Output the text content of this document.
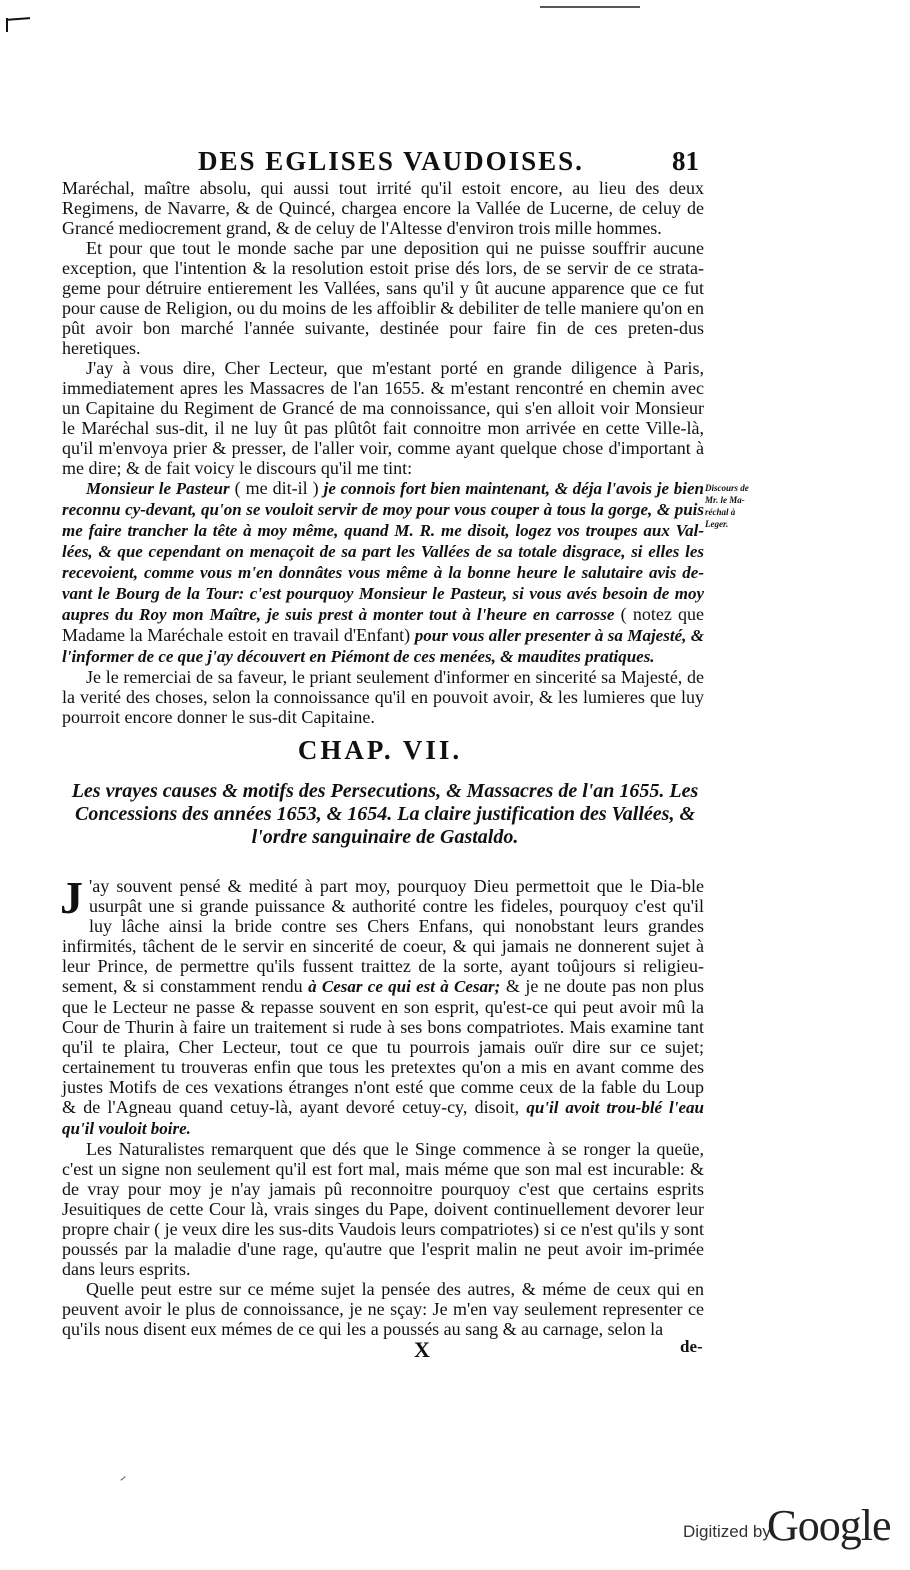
DES EGLISES VAUDOISES.	81

Maréchal, maître absolu, qui aussi tout irrité qu'il estoit encore, au lieu des deux Regimens, de Navarre, & de Quincé, chargea encore la Vallée de Lucerne, de celuy de Grancé mediocrement grand, & de celuy de l'Altesse d'environ trois mille hommes.

Et pour que tout le monde sache par une deposition qui ne puisse souffrir aucune exception, que l'intention & la resolution estoit prise dés lors, de se servir de ce strata-geme pour détruire entierement les Vallées, sans qu'il y ût aucune apparence que ce fut pour cause de Religion, ou du moins de les affoiblir & debiliter de telle maniere qu'on en pût avoir bon marché l'année suivante, destinée pour faire fin de ces preten-dus heretiques.

J'ay à vous dire, Cher Lecteur, que m'estant porté en grande diligence à Paris, immediatement apres les Massacres de l'an 1655. & m'estant rencontré en chemin avec un Capitaine du Regiment de Grancé de ma connoissance, qui s'en alloit voir Monsieur le Maréchal sus-dit, il ne luy ût pas plûtôt fait connoitre mon arrivée en cette Ville-là, qu'il m'envoya prier & presser, de l'aller voir, comme ayant quelque chose d'important à me dire; & de fait voicy le discours qu'il me tint:

Monsieur le Pasteur ( me dit-il ) je connois fort bien maintenant, & déja l'avois je bien reconnu cy-devant, qu'on se vouloit servir de moy pour vous couper à tous la gorge, & puis me faire trancher la tête à moy même, quand M. R. me disoit, logez vos troupes aux Val-lées, & que cependant on menaçoit de sa part les Vallées de sa totale disgrace, si elles les recevoient, comme vous m'en donnâtes vous même à la bonne heure le salutaire avis de-vant le Bourg de la Tour: c'est pourquoy Monsieur le Pasteur, si vous avés besoin de moy aupres du Roy mon Maître, je suis prest à monter tout à l'heure en carrosse ( notez que Madame la Maréchale estoit en travail d'Enfant) pour vous aller presenter à sa Majesté, & l'informer de ce que j'ay découvert en Piémont de ces menées, & maudites pratiques.

Je le remerciai de sa faveur, le priant seulement d'informer en sincerité sa Majesté, de la verité des choses, selon la connoissance qu'il en pouvoit avoir, & les lumieres que luy pourroit encore donner le sus-dit Capitaine.

Discours de Mr. le Ma-réchal à Leger.
CHAP. VII.
Les vrayes causes & motifs des Persecutions, & Massacres de l'an 1655. Les Concessions des années 1653, & 1654. La claire justification des Vallées, & l'ordre sanguinaire de Gastaldo.

J 'ay souvent pensé & medité à part moy, pourquoy Dieu permettoit que le Dia-ble usurpât une si grande puissance & authorité contre les fideles, pourquoy c'est qu'il luy lâche ainsi la bride contre ses Chers Enfans, qui nonobstant leurs grandes infirmités, tâchent de le servir en sincerité de coeur, & qui jamais ne donnerent sujet à leur Prince, de permettre qu'ils fussent traittez de la sorte, ayant toûjours si religieu-sement, & si constamment rendu à Cesar ce qui est à Cesar; & je ne doute pas non plus que le Lecteur ne passe & repasse souvent en son esprit, qu'est-ce qui peut avoir mû la Cour de Thurin à faire un traitement si rude à ses bons compatriotes. Mais examine tant qu'il te plaira, Cher Lecteur, tout ce que tu pourrois jamais ouïr dire sur ce sujet; certainement tu trouveras enfin que tous les pretextes qu'on a mis en avant comme des justes Motifs de ces vexations étranges n'ont esté que comme ceux de la fable du Loup & de l'Agneau quand cetuy-là, ayant devoré cetuy-cy, disoit, qu'il avoit trou-blé l'eau qu'il vouloit boire.

Les Naturalistes remarquent que dés que le Singe commence à se ronger la queüe, c'est un signe non seulement qu'il est fort mal, mais méme que son mal est incurable: & de vray pour moy je n'ay jamais pû reconnoitre pourquoy c'est que certains esprits Jesuitiques de cette Cour là, vrais singes du Pape, doivent continuellement devorer leur propre chair ( je veux dire les sus-dits Vaudois leurs compatriotes) si ce n'est qu'ils y sont poussés par la maladie d'une rage, qu'autre que l'esprit malin ne peut avoir im-primée dans leurs esprits.

Quelle peut estre sur ce méme sujet la pensée des autres, & méme de ceux qui en peuvent avoir le plus de connoissance, je ne sçay: Je m'en vay seulement representer ce qu'ils nous disent eux mémes de ce qui les a poussés au sang & au carnage, selon la

X	de-
Digitized by
Google
